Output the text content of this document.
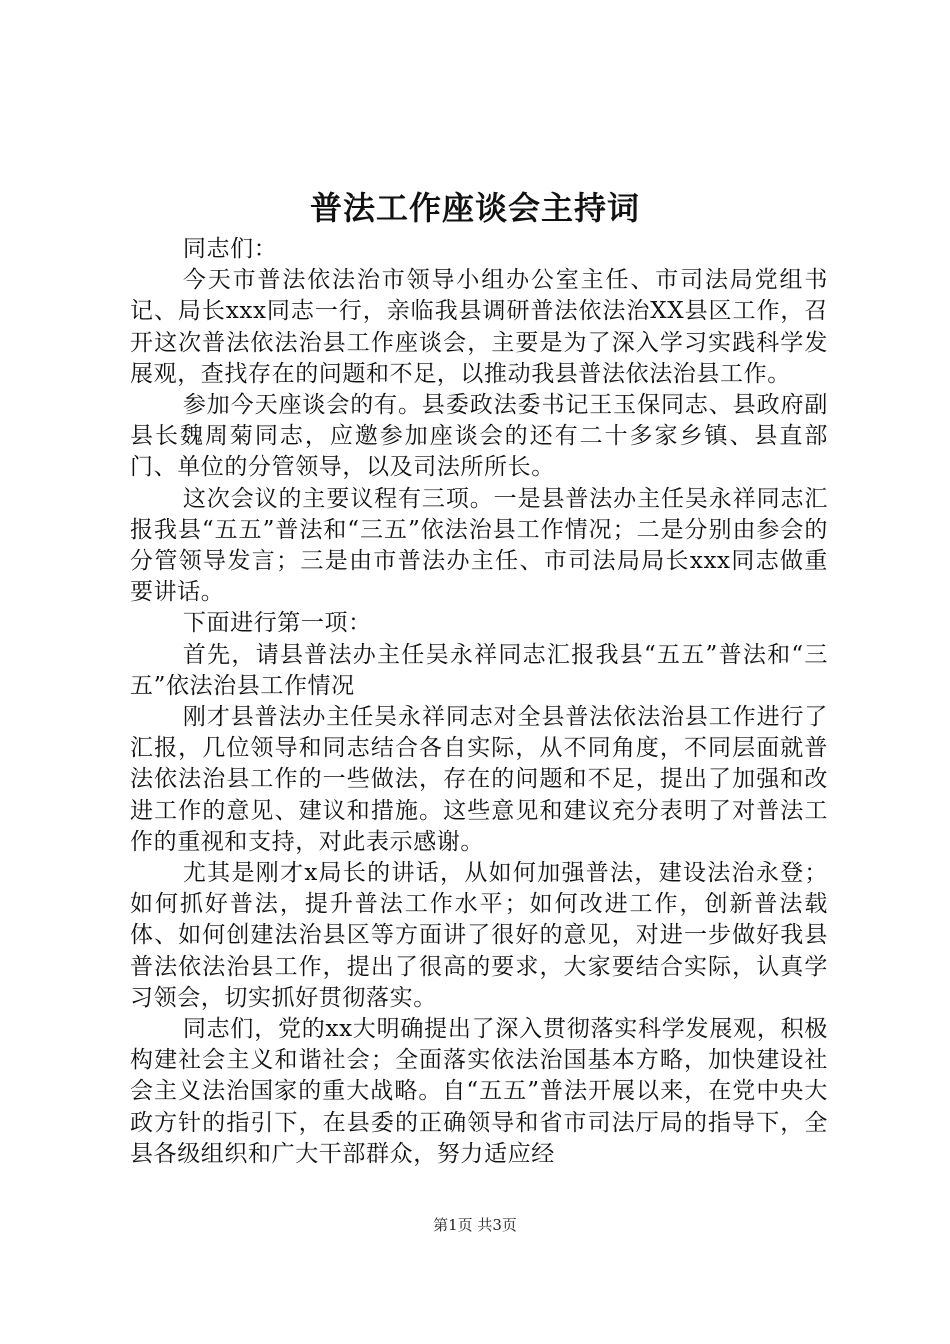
普法工作座谈会主持词

同志们：

今天市普法依法治市领导小组办公室主任、市司法局党组书记、局长xxx同志一行，亲临我县调研普法依法治XX县区工作，召开这次普法依法治县工作座谈会，主要是为了深入学习实践科学发展观，查找存在的问题和不足，以推动我县普法依法治县工作。

参加今天座谈会的有。县委政法委书记王玉保同志、县政府副县长魏周菊同志，应邀参加座谈会的还有二十多家乡镇、县直部门、单位的分管领导，以及司法所所长。

这次会议的主要议程有三项。一是县普法办主任吴永祥同志汇报我县“五五”普法和“三五”依法治县工作情况；二是分别由参会的分管领导发言；三是由市普法办主任、市司法局局长xxx同志做重要讲话。

下面进行第一项：

首先，请县普法办主任吴永祥同志汇报我县“五五”普法和“三五”依法治县工作情况

刚才县普法办主任吴永祥同志对全县普法依法治县工作进行了汇报，几位领导和同志结合各自实际，从不同角度，不同层面就普法依法治县工作的一些做法，存在的问题和不足，提出了加强和改进工作的意见、建议和措施。这些意见和建议充分表明了对普法工作的重视和支持，对此表示感谢。

尤其是刚才x局长的讲话，从如何加强普法，建设法治永登；如何抓好普法，提升普法工作水平；如何改进工作，创新普法载体、如何创建法治县区等方面讲了很好的意见，对进一步做好我县普法依法治县工作，提出了很高的要求，大家要结合实际，认真学习领会，切实抓好贯彻落实。

同志们，党的xx大明确提出了深入贯彻落实科学发展观，积极构建社会主义和谐社会；全面落实依法治国基本方略，加快建设社会主义法治国家的重大战略。自“五五”普法开展以来，在党中央大政方针的指引下，在县委的正确领导和省市司法厅局的指导下，全县各级组织和广大干部群众，努力适应经

第1页 共3页
